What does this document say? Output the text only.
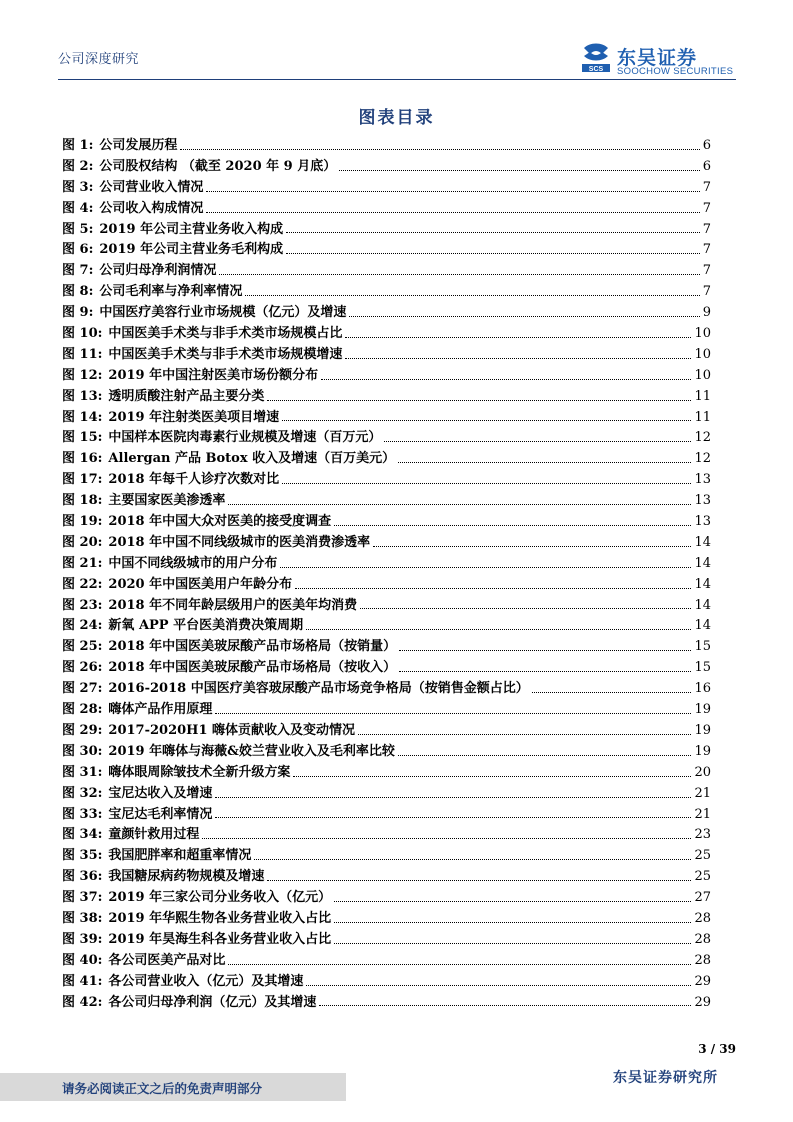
公司深度研究
SCS
东吴证券
SOOCHOW SECURITIES
图表目录
图 1: 公司发展历程	6
图 2: 公司股权结构 （截至 2020 年 9 月底）	6
图 3: 公司营业收入情况	7
图 4: 公司收入构成情况	7
图 5: 2019 年公司主营业务收入构成	7
图 6: 2019 年公司主营业务毛利构成	7
图 7: 公司归母净利润情况	7
图 8: 公司毛利率与净利率情况	7
图 9: 中国医疗美容行业市场规模（亿元）及增速	9
图 10: 中国医美手术类与非手术类市场规模占比	10
图 11: 中国医美手术类与非手术类市场规模增速	10
图 12: 2019 年中国注射医美市场份额分布	10
图 13: 透明质酸注射产品主要分类	11
图 14: 2019 年注射类医美项目增速	11
图 15: 中国样本医院肉毒素行业规模及增速（百万元）	12
图 16: Allergan 产品 Botox 收入及增速（百万美元）	12
图 17: 2018 年每千人诊疗次数对比	13
图 18: 主要国家医美渗透率	13
图 19: 2018 年中国大众对医美的接受度调查	13
图 20: 2018 年中国不同线级城市的医美消费渗透率	14
图 21: 中国不同线级城市的用户分布	14
图 22: 2020 年中国医美用户年龄分布	14
图 23: 2018 年不同年龄层级用户的医美年均消费	14
图 24: 新氧 APP 平台医美消费决策周期	14
图 25: 2018 年中国医美玻尿酸产品市场格局（按销量）	15
图 26: 2018 年中国医美玻尿酸产品市场格局（按收入）	15
图 27: 2016-2018 中国医疗美容玻尿酸产品市场竞争格局（按销售金额占比）	16
图 28: 嗨体产品作用原理	19
图 29: 2017-2020H1 嗨体贡献收入及变动情况	19
图 30: 2019 年嗨体与海薇&姣兰营业收入及毛利率比较	19
图 31: 嗨体眼周除皱技术全新升级方案	20
图 32: 宝尼达收入及增速	21
图 33: 宝尼达毛利率情况	21
图 34: 童颜针救用过程	23
图 35: 我国肥胖率和超重率情况	25
图 36: 我国糖尿病药物规模及增速	25
图 37: 2019 年三家公司分业务收入（亿元）	27
图 38: 2019 年华熙生物各业务营业收入占比	28
图 39: 2019 年昊海生科各业务营业收入占比	28
图 40: 各公司医美产品对比	28
图 41: 各公司营业收入（亿元）及其增速	29
图 42: 各公司归母净利润（亿元）及其增速	29
3 / 39
请务必阅读正文之后的免责声明部分
东吴证券研究所
